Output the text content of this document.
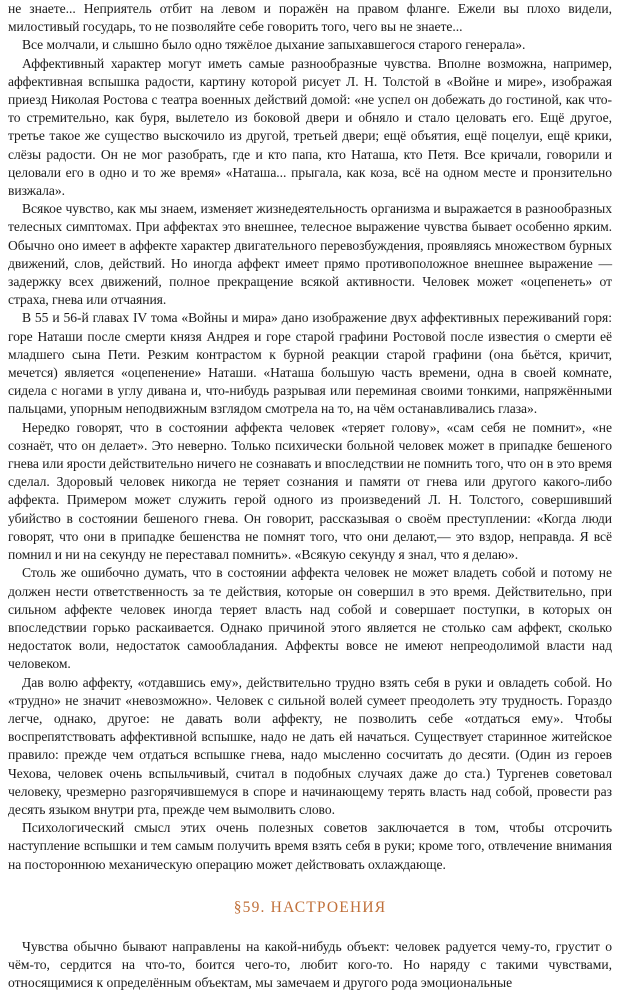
не знаете... Неприятель отбит на левом и поражён на правом фланге. Ежели вы плохо видели, милостивый государь, то не позволяйте себе говорить того, чего вы не знаете...

Все молчали, и слышно было одно тяжёлое дыхание запыхавшегося старого генерала».

Аффективный характер могут иметь самые разнообразные чувства. Вполне возможна, например, аффективная вспышка радости, картину которой рисует Л. Н. Толстой в «Войне и мире», изображая приезд Николая Ростова с театра военных действий домой: «не успел он добежать до гостиной, как что-то стремительно, как буря, вылетело из боковой двери и обняло и стало целовать его. Ещё другое, третье такое же существо выскочило из другой, третьей двери; ещё объятия, ещё поцелуи, ещё крики, слёзы радости. Он не мог разобрать, где и кто папа, кто Наташа, кто Петя. Все кричали, говорили и целовали его в одно и то же время» «Наташа... прыгала, как коза, всё на одном месте и пронзительно визжала».

Всякое чувство, как мы знаем, изменяет жизнедеятельность организма и выражается в разнообразных телесных симптомах. При аффектах это внешнее, телесное выражение чувства бывает особенно ярким. Обычно оно имеет в аффекте характер двигательного перевозбуждения, проявляясь множеством бурных движений, слов, действий. Но иногда аффект имеет прямо противоположное внешнее выражение — задержку всех движений, полное прекращение всякой активности. Человек может «оцепенеть» от страха, гнева или отчаяния.

В 55 и 56-й главах IV тома «Войны и мира» дано изображение двух аффективных переживаний горя: горе Наташи после смерти князя Андрея и горе старой графини Ростовой после известия о смерти её младшего сына Пети. Резким контрастом к бурной реакции старой графини (она бьётся, кричит, мечется) является «оцепенение» Наташи. «Наташа большую часть времени, одна в своей комнате, сидела с ногами в углу дивана и, что-нибудь разрывая или переминая своими тонкими, напряжёнными пальцами, упорным неподвижным взглядом смотрела на то, на чём останавливались глаза».

Нередко говорят, что в состоянии аффекта человек «теряет голову», «сам себя не помнит», «не сознаёт, что он делает». Это неверно. Только психически больной человек может в припадке бешеного гнева или ярости действительно ничего не сознавать и впоследствии не помнить того, что он в это время сделал. Здоровый человек никогда не теряет сознания и памяти от гнева или другого какого-либо аффекта. Примером может служить герой одного из произведений Л. Н. Толстого, совершивший убийство в состоянии бешеного гнева. Он говорит, рассказывая о своём преступлении: «Когда люди говорят, что они в припадке бешенства не помнят того, что они делают,— это вздор, неправда. Я всё помнил и ни на секунду не переставал помнить». «Всякую секунду я знал, что я делаю».

Столь же ошибочно думать, что в состоянии аффекта человек не может владеть собой и потому не должен нести ответственность за те действия, которые он совершил в это время. Действительно, при сильном аффекте человек иногда теряет власть над собой и совершает поступки, в которых он впоследствии горько раскаивается. Однако причиной этого является не столько сам аффект, сколько недостаток воли, недостаток самообладания. Аффекты вовсе не имеют непреодолимой власти над человеком.

Дав волю аффекту, «отдавшись ему», действительно трудно взять себя в руки и овладеть собой. Но «трудно» не значит «невозможно». Человек с сильной волей сумеет преодолеть эту трудность. Гораздо легче, однако, другое: не давать воли аффекту, не позволить себе «отдаться ему». Чтобы воспрепятствовать аффективной вспышке, надо не дать ей начаться. Существует старинное житейское правило: прежде чем отдаться вспышке гнева, надо мысленно сосчитать до десяти. (Один из героев Чехова, человек очень вспыльчивый, считал в подобных случаях даже до ста.) Тургенев советовал человеку, чрезмерно разгорячившемуся в споре и начинающему терять власть над собой, провести раз десять языком внутри рта, прежде чем вымолвить слово.

Психологический смысл этих очень полезных советов заключается в том, чтобы отсрочить наступление вспышки и тем самым получить время взять себя в руки; кроме того, отвлечение внимания на постороннюю механическую операцию может действовать охлаждающе.

§59. НАСТРОЕНИЯ

Чувства обычно бывают направлены на какой-нибудь объект: человек радуется чему-то, грустит о чём-то, сердится на что-то, боится чего-то, любит кого-то. Но наряду с такими чувствами, относящимися к определённым объектам, мы замечаем и другого рода эмоциональные
